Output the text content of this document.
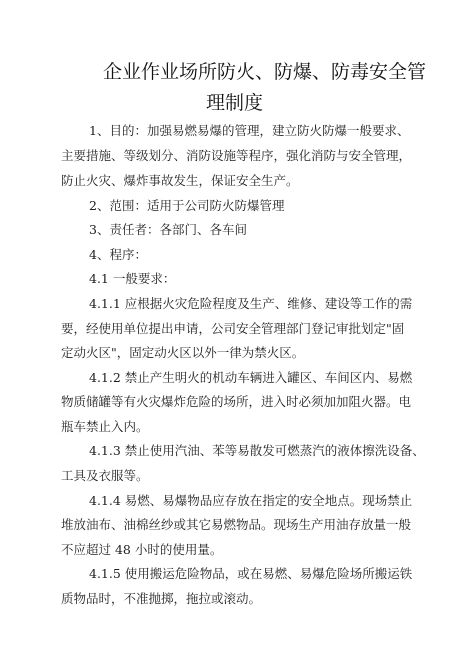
企业作业场所防火、防爆、防毒安全管
理制度
1、目的：加强易燃易爆的管理，建立防火防爆一般要求、
主要措施、等级划分、消防设施等程序，强化消防与安全管理，
防止火灾、爆炸事故发生，保证安全生产。
2、范围：适用于公司防火防爆管理
3、责任者：各部门、各车间
4、程序：
4.1 一般要求：
4.1.1 应根据火灾危险程度及生产、维修、建设等工作的需
要，经使用单位提出申请，公司安全管理部门登记审批划定"固
定动火区"，固定动火区以外一律为禁火区。
4.1.2 禁止产生明火的机动车辆进入罐区、车间区内、易燃
物质储罐等有火灾爆炸危险的场所，进入时必须加加阻火器。电
瓶车禁止入内。
4.1.3 禁止使用汽油、苯等易散发可燃蒸汽的液体擦洗设备、
工具及衣服等。
4.1.4 易燃、易爆物品应存放在指定的安全地点。现场禁止
堆放油布、油棉丝纱或其它易燃物品。现场生产用油存放量一般
不应超过 48 小时的使用量。
4.1.5 使用搬运危险物品，或在易燃、易爆危险场所搬运铁
质物品时，不准抛掷，拖拉或滚动。
